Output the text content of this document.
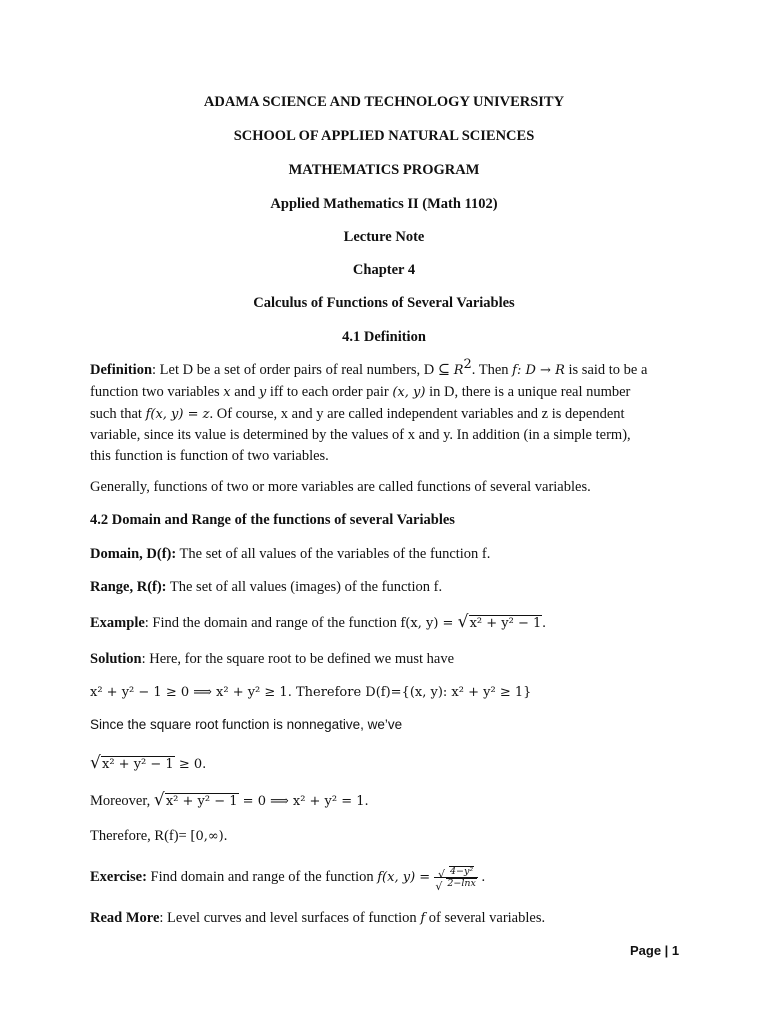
ADAMA SCIENCE AND TECHNOLOGY UNIVERSITY
SCHOOL OF APPLIED NATURAL SCIENCES
MATHEMATICS PROGRAM
Applied Mathematics II (Math 1102)
Lecture Note
Chapter 4
Calculus of Functions of Several Variables
4.1 Definition
Definition: Let D be a set of order pairs of real numbers, D ⊆ $R^2$. Then f: D → R is said to be a
function two variables x and y iff to each order pair (x, y) in D, there is a unique real number
such that f(x, y) = z. Of course, x and y are called independent variables and z is dependent
variable, since its value is determined by the values of x and y. In addition (in a simple term),
this function is function of two variables.
Generally, functions of two or more variables are called functions of several variables.
4.2 Domain and Range of the functions of several Variables
Domain, D(f): The set of all values of the variables of the function f.
Range, R(f): The set of all values (images) of the function f.
Example: Find the domain and range of the function f(x, y) = √ x² + y² − 1.
Solution: Here, for the square root to be defined we must have
x² + y² − 1 ≥ 0 ⟹ x² + y² ≥ 1. Therefore D(f)={(x, y): x² + y² ≥ 1}
Since the square root function is nonnegative, we’ve
√ x² + y² − 1 ≥ 0.
Moreover, √ x² + y² − 1 = 0 ⟹ x² + y² = 1.
Therefore, R(f)= [0,∞).
Exercise: Find domain and range of the function f(x, $y) = \frac{\text{√ 4−y²}}{√ 2-\ln x}$ .
Read More: Level curves and level surfaces of function f of several variables.
Page | 1
